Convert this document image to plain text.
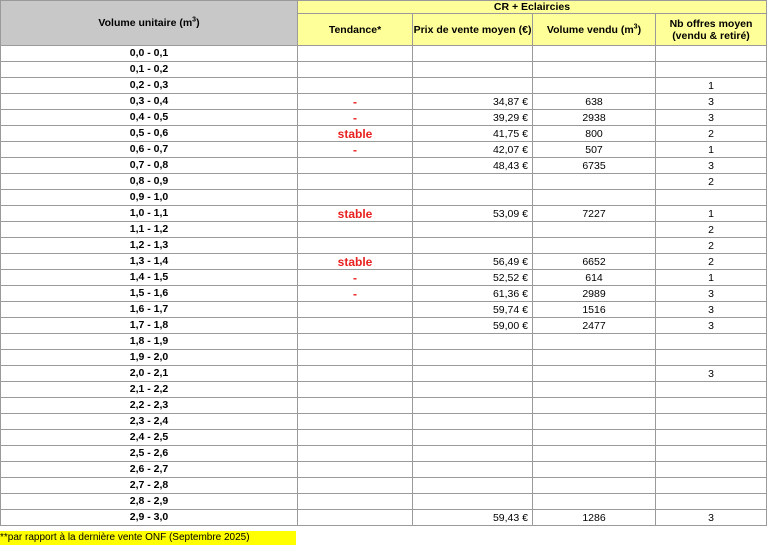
Volume unitaire $(m^3)$	CR + Eclaircies			
	Tendance*	Prix de vente moyen (€)	Volume vendu $(m^3)$	Nb offres moyen (vendu & retiré)
0,0 - 0,1				
0,1 - 0,2				
0,2 - 0,3				1
0,3 - 0,4	-	34,87 €	638	3
0,4 - 0,5	-	39,29 €	2938	3
0,5 - 0,6	stable	41,75 €	800	2
0,6 - 0,7	-	42,07 €	507	1
0,7 - 0,8		48,43 €	6735	3
0,8 - 0,9				2
0,9 - 1,0				
1,0 - 1,1	stable	53,09 €	7227	1
1,1 - 1,2				2
1,2 - 1,3				2
1,3 - 1,4	stable	56,49 €	6652	2
1,4 - 1,5	-	52,52 €	614	1
1,5 - 1,6	-	61,36 €	2989	3
1,6 - 1,7		59,74 €	1516	3
1,7 - 1,8		59,00 €	2477	3
1,8 - 1,9				
1,9 - 2,0				
2,0 - 2,1				3
2,1 - 2,2				
2,2 - 2,3				
2,3 - 2,4				
2,4 - 2,5				
2,5 - 2,6				
2,6 - 2,7				
2,7 - 2,8				
2,8 - 2,9				
2,9 - 3,0		59,43 €	1286	3
**par rapport à la dernière vente ONF (Septembre 2025)
